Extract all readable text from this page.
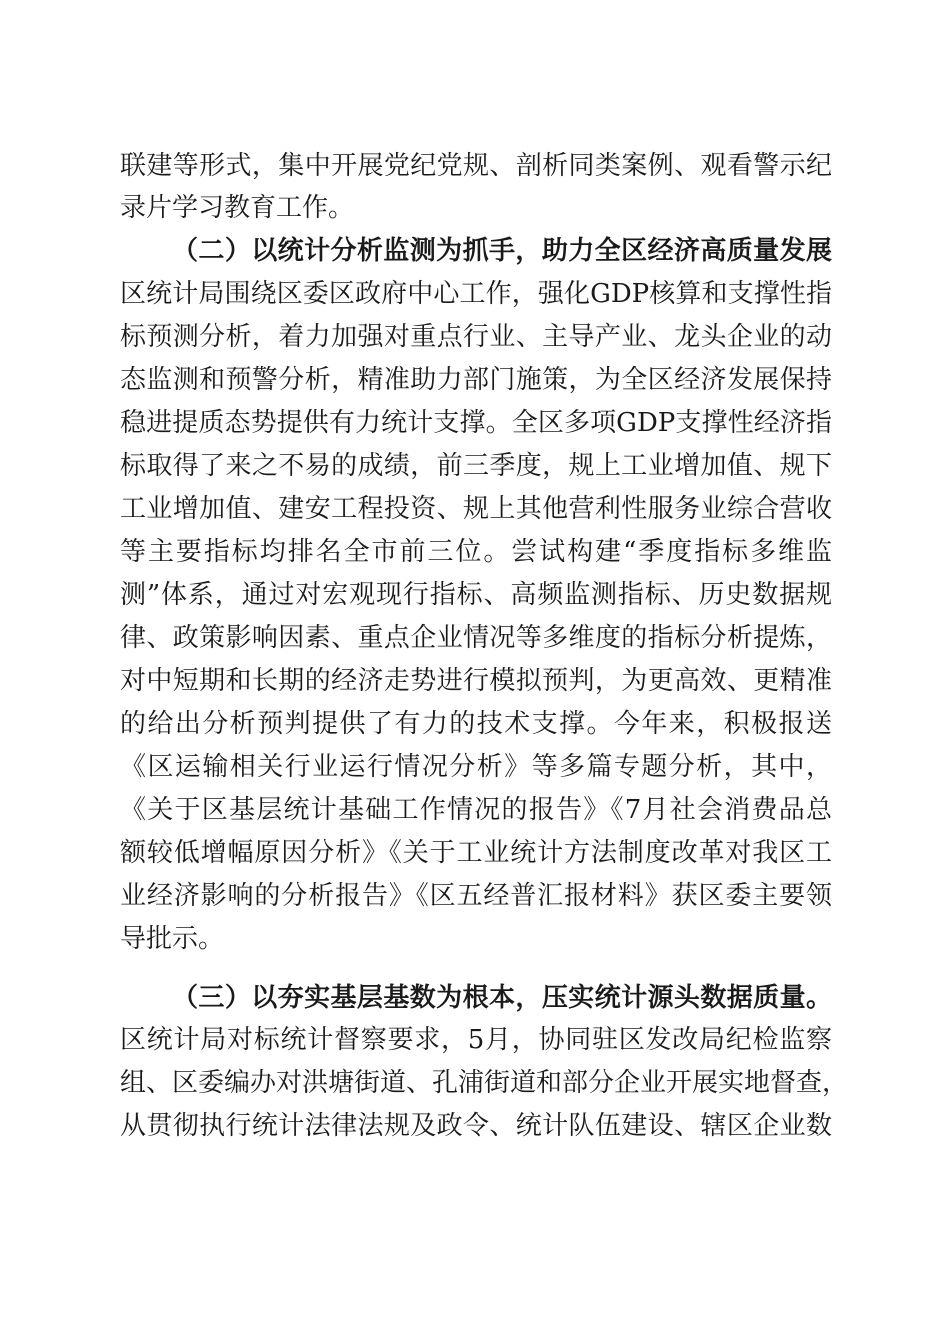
联建等形式，集中开展党纪党规、剖析同类案例、观看警示纪

录片学习教育工作。

（二）以统计分析监测为抓手，助力全区经济高质量发展

区统计局围绕区委区政府中心工作，强化GDP核算和支撑性指

标预测分析，着力加强对重点行业、主导产业、龙头企业的动

态监测和预警分析，精准助力部门施策，为全区经济发展保持

稳进提质态势提供有力统计支撑。全区多项GDP支撑性经济指

标取得了来之不易的成绩，前三季度，规上工业增加值、规下

工业增加值、建安工程投资、规上其他营利性服务业综合营收

等主要指标均排名全市前三位。尝试构建“季度指标多维监

测”体系，通过对宏观现行指标、高频监测指标、历史数据规

律、政策影响因素、重点企业情况等多维度的指标分析提炼，

对中短期和长期的经济走势进行模拟预判，为更高效、更精准

的给出分析预判提供了有力的技术支撑。今年来，积极报送

《区运输相关行业运行情况分析》等多篇专题分析，其中，

《关于区基层统计基础工作情况的报告》《7月社会消费品总

额较低增幅原因分析》《关于工业统计方法制度改革对我区工

业经济影响的分析报告》《区五经普汇报材料》获区委主要领

导批示。

（三）以夯实基层基数为根本，压实统计源头数据质量。

区统计局对标统计督察要求，5月，协同驻区发改局纪检监察

组、区委编办对洪塘街道、孔浦街道和部分企业开展实地督查，

从贯彻执行统计法律法规及政令、统计队伍建设、辖区企业数
